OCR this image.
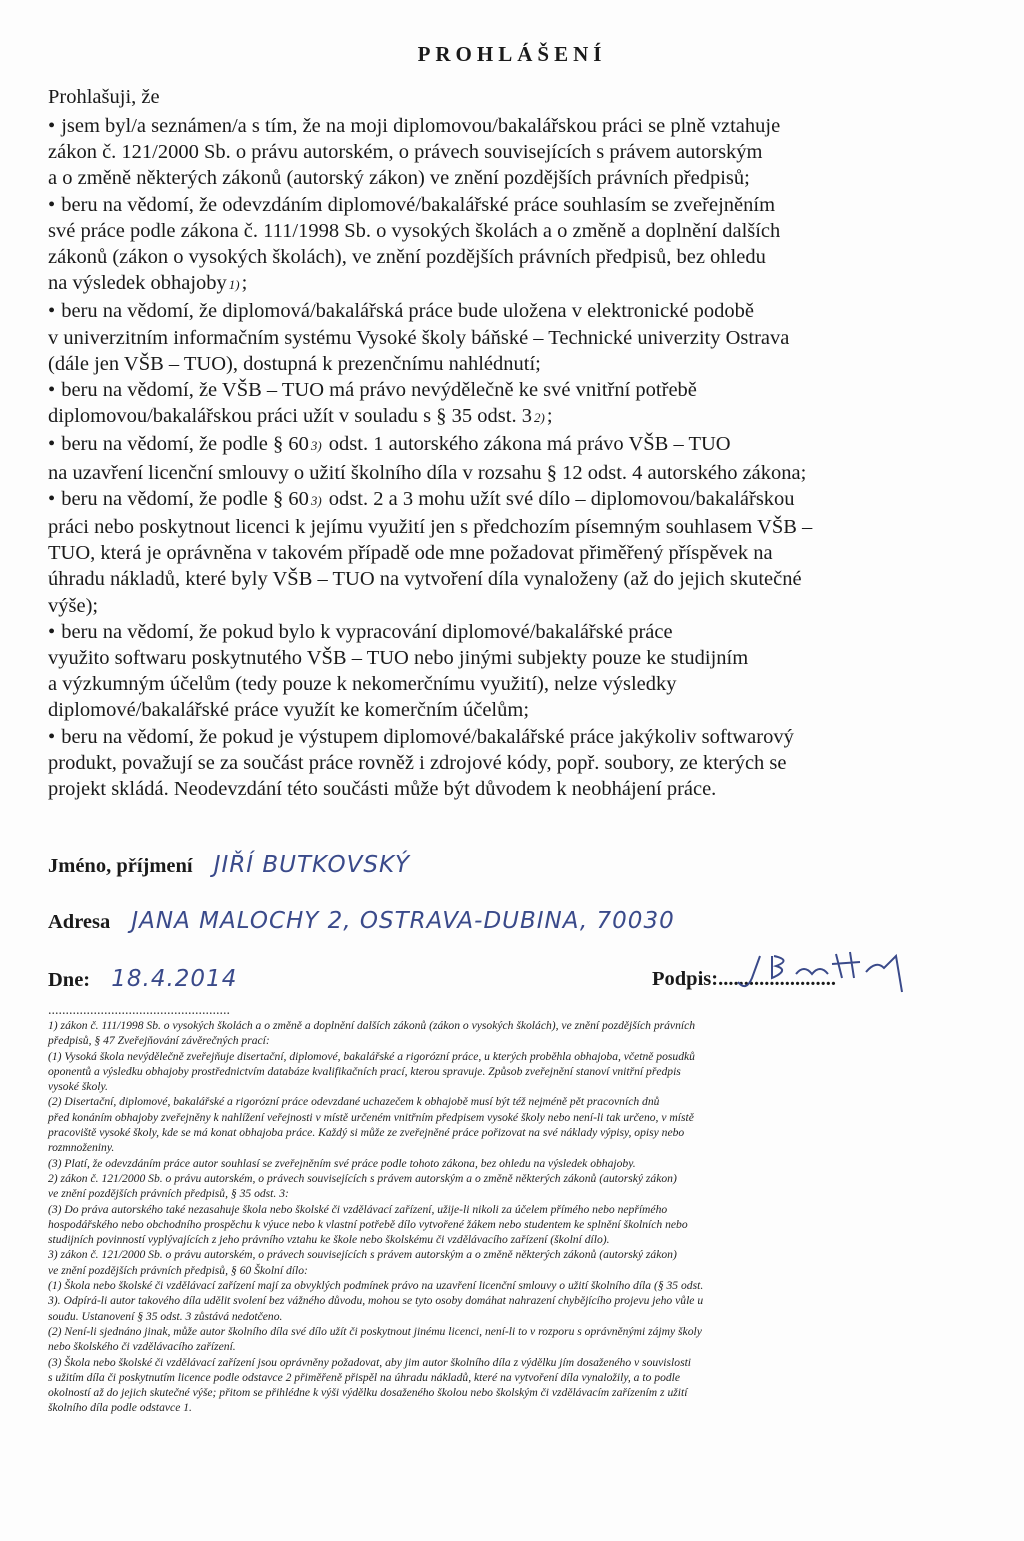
PROHLÁŠENÍ
Prohlašuji, že

• jsem byl/a seznámen/a s tím, že na moji diplomovou/bakalářskou práci se plně vztahuje

zákon č. 121/2000 Sb. o právu autorském, o právech souvisejících s právem autorským

a o změně některých zákonů (autorský zákon) ve znění pozdějších právních předpisů;

• beru na vědomí, že odevzdáním diplomové/bakalářské práce souhlasím se zveřejněním

své práce podle zákona č. 111/1998 Sb. o vysokých školách a o změně a doplnění dalších

zákonů (zákon o vysokých školách), ve znění pozdějších právních předpisů, bez ohledu

na výsledek obhajoby 1);

• beru na vědomí, že diplomová/bakalářská práce bude uložena v elektronické podobě

v univerzitním informačním systému Vysoké školy báňské – Technické univerzity Ostrava

(dále jen VŠB – TUO), dostupná k prezenčnímu nahlédnutí;

• beru na vědomí, že VŠB – TUO má právo nevýdělečně ke své vnitřní potřebě

diplomovou/bakalářskou práci užít v souladu s § 35 odst. 3 2);

• beru na vědomí, že podle § 60 3) odst. 1 autorského zákona má právo VŠB – TUO

na uzavření licenční smlouvy o užití školního díla v rozsahu § 12 odst. 4 autorského zákona;

• beru na vědomí, že podle § 60 3) odst. 2 a 3 mohu užít své dílo – diplomovou/bakalářskou

práci nebo poskytnout licenci k jejímu využití jen s předchozím písemným souhlasem VŠB –

TUO, která je oprávněna v takovém případě ode mne požadovat přiměřený příspěvek na

úhradu nákladů, které byly VŠB – TUO na vytvoření díla vynaloženy (až do jejich skutečné

výše);

• beru na vědomí, že pokud bylo k vypracování diplomové/bakalářské práce

využito softwaru poskytnutého VŠB – TUO nebo jinými subjekty pouze ke studijním

a výzkumným účelům (tedy pouze k nekomerčnímu využití), nelze výsledky

diplomové/bakalářské práce využít ke komerčním účelům;

• beru na vědomí, že pokud je výstupem diplomové/bakalářské práce jakýkoliv softwarový

produkt, považují se za součást práce rovněž i zdrojové kódy, popř. soubory, ze kterých se

projekt skládá. Neodevzdání této součásti může být důvodem k neobhájení práce.

Jméno, příjmení JIŘÍ BUTKOVSKÝ
Adresa JANA MALOCHY 2, OSTRAVA-DUBINA, 70030
Dne: 18.4.2014	Podpis:.......................
....................................................

1) zákon č. 111/1998 Sb. o vysokých školách a o změně a doplnění dalších zákonů (zákon o vysokých školách), ve znění pozdějších právních

předpisů, § 47 Zveřejňování závěrečných prací:

(1) Vysoká škola nevýdělečně zveřejňuje disertační, diplomové, bakalářské a rigorózní práce, u kterých proběhla obhajoba, včetně posudků

oponentů a výsledku obhajoby prostřednictvím databáze kvalifikačních prací, kterou spravuje. Způsob zveřejnění stanoví vnitřní předpis

vysoké školy.

(2) Disertační, diplomové, bakalářské a rigorózní práce odevzdané uchazečem k obhajobě musí být též nejméně pět pracovních dnů

před konáním obhajoby zveřejněny k nahlížení veřejnosti v místě určeném vnitřním předpisem vysoké školy nebo není-li tak určeno, v místě

pracoviště vysoké školy, kde se má konat obhajoba práce. Každý si může ze zveřejněné práce pořizovat na své náklady výpisy, opisy nebo

rozmnoženiny.

(3) Platí, že odevzdáním práce autor souhlasí se zveřejněním své práce podle tohoto zákona, bez ohledu na výsledek obhajoby.

2) zákon č. 121/2000 Sb. o právu autorském, o právech souvisejících s právem autorským a o změně některých zákonů (autorský zákon)

ve znění pozdějších právních předpisů, § 35 odst. 3:

(3) Do práva autorského také nezasahuje škola nebo školské či vzdělávací zařízení, užije-li nikoli za účelem přímého nebo nepřímého

hospodářského nebo obchodního prospěchu k výuce nebo k vlastní potřebě dílo vytvořené žákem nebo studentem ke splnění školních nebo

studijních povinností vyplývajících z jeho právního vztahu ke škole nebo školskému či vzdělávacího zařízení (školní dílo).

3) zákon č. 121/2000 Sb. o právu autorském, o právech souvisejících s právem autorským a o změně některých zákonů (autorský zákon)

ve znění pozdějších právních předpisů, § 60 Školní dílo:

(1) Škola nebo školské či vzdělávací zařízení mají za obvyklých podmínek právo na uzavření licenční smlouvy o užití školního díla (§ 35 odst.

3). Odpírá-li autor takového díla udělit svolení bez vážného důvodu, mohou se tyto osoby domáhat nahrazení chybějícího projevu jeho vůle u

soudu. Ustanovení § 35 odst. 3 zůstává nedotčeno.

(2) Není-li sjednáno jinak, může autor školního díla své dílo užít či poskytnout jinému licenci, není-li to v rozporu s oprávněnými zájmy školy

nebo školského či vzdělávacího zařízení.

(3) Škola nebo školské či vzdělávací zařízení jsou oprávněny požadovat, aby jim autor školního díla z výdělku jím dosaženého v souvislosti

s užitím díla či poskytnutím licence podle odstavce 2 přiměřeně přispěl na úhradu nákladů, které na vytvoření díla vynaložily, a to podle

okolností až do jejich skutečné výše; přitom se přihlédne k výši výdělku dosaženého školou nebo školským či vzdělávacím zařízením z užití

školního díla podle odstavce 1.
